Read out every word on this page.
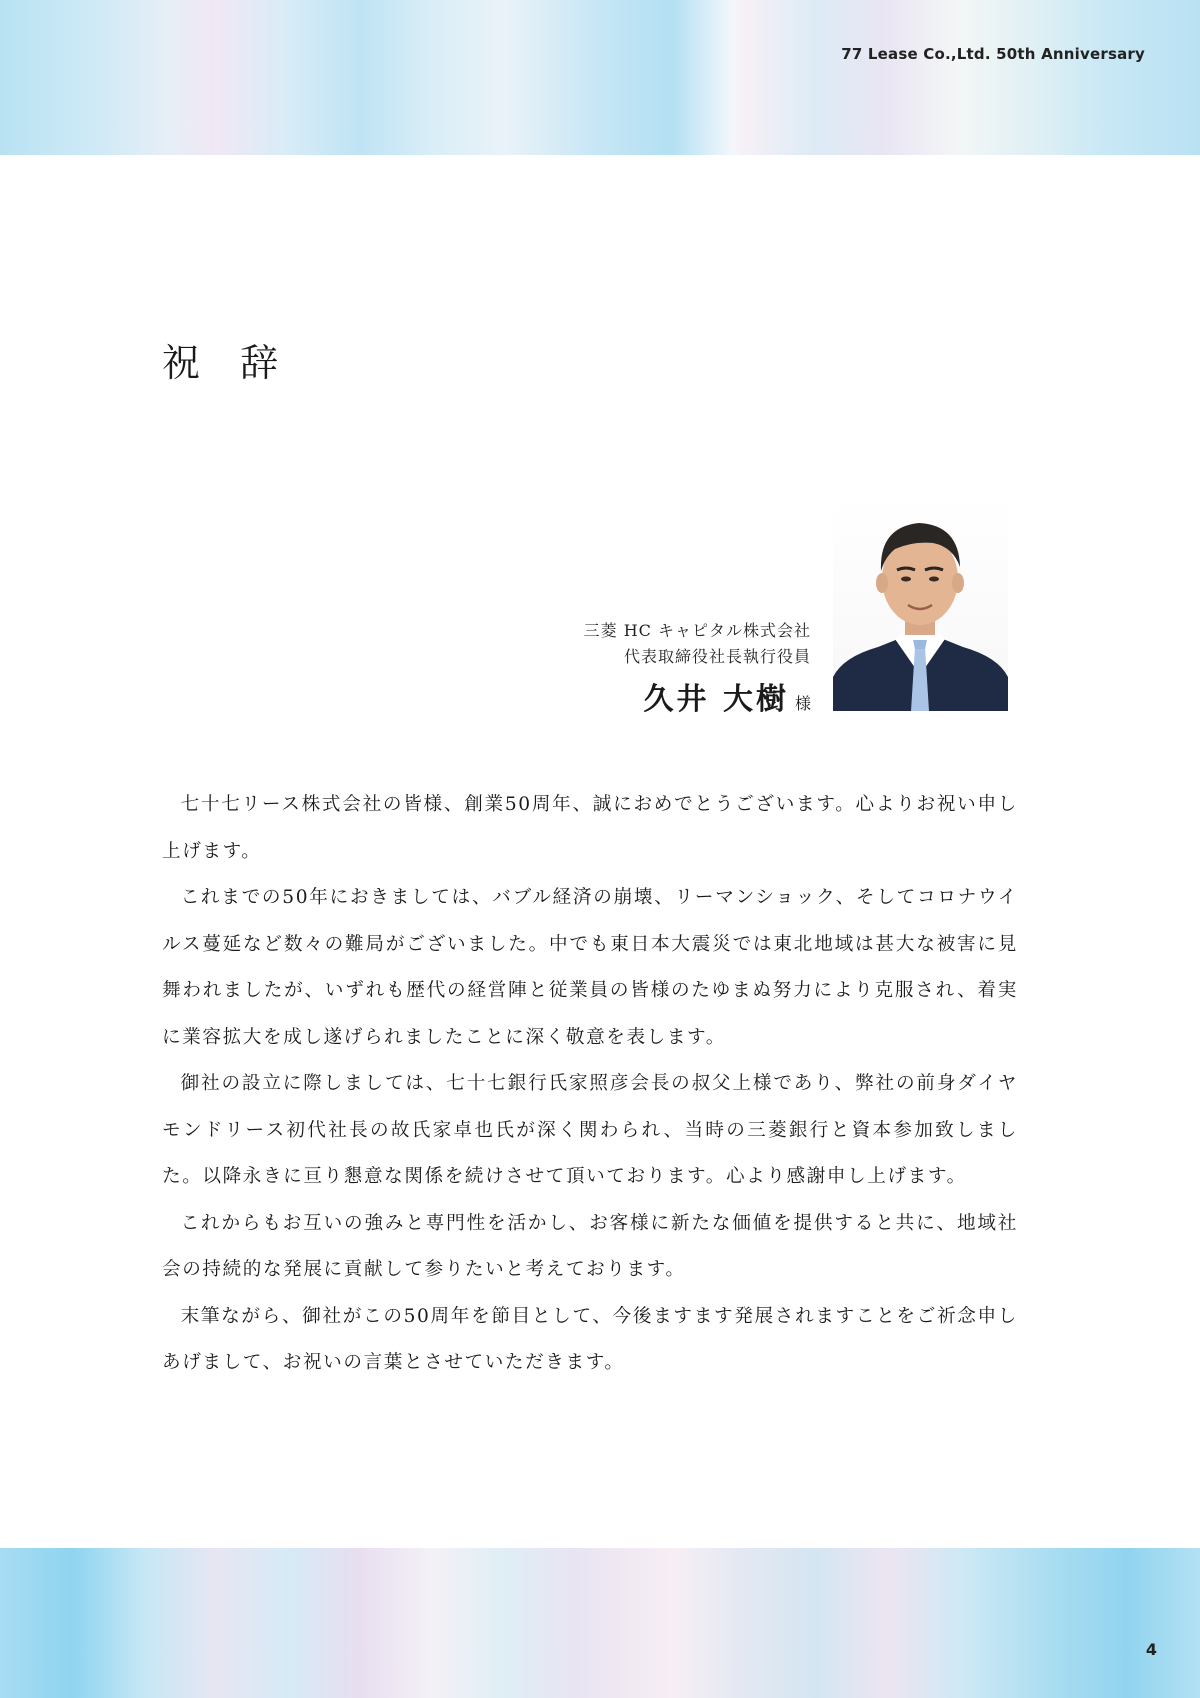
77 Lease Co.,Ltd. 50th Anniversary
祝 辞
三菱 HC キャピタル株式会社
代表取締役社長執行役員
久井 大樹 様

七十七リース株式会社の皆様、創業50周年、誠におめでとうございます。心よりお祝い申し上げます。

これまでの50年におきましては、バブル経済の崩壊、リーマンショック、そしてコロナウイルス蔓延など数々の難局がございました。中でも東日本大震災では東北地域は甚大な被害に見舞われましたが、いずれも歴代の経営陣と従業員の皆様のたゆまぬ努力により克服され、着実に業容拡大を成し遂げられましたことに深く敬意を表します。

御社の設立に際しましては、七十七銀行氏家照彦会長の叔父上様であり、弊社の前身ダイヤモンドリース初代社長の故氏家卓也氏が深く関わられ、当時の三菱銀行と資本参加致しました。以降永きに亘り懇意な関係を続けさせて頂いております。心より感謝申し上げます。

これからもお互いの強みと専門性を活かし、お客様に新たな価値を提供すると共に、地域社会の持続的な発展に貢献して参りたいと考えております。

末筆ながら、御社がこの50周年を節目として、今後ますます発展されますことをご祈念申しあげまして、お祝いの言葉とさせていただきます。

4
